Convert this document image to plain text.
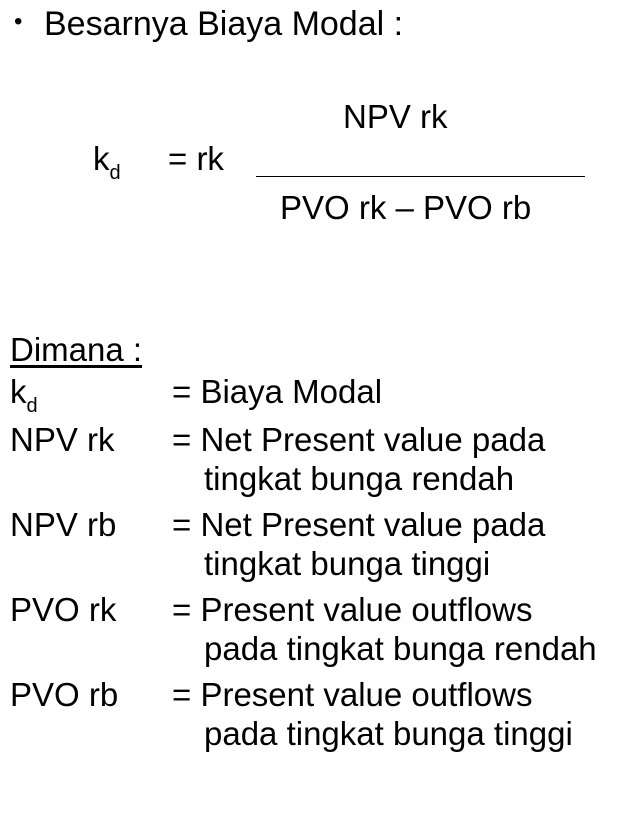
• Besarnya Biaya Modal :
$k_d$ = rk
NPV rk
PVO rk – PVO rb
Dimana :
$k_d$	= Biaya Modal
NPV rk = Net Present value pada
tingkat bunga rendah
NPV rb = Net Present value pada
tingkat bunga tinggi
PVO rk = Present value outflows
pada tingkat bunga rendah
PVO rb = Present value outflows
pada tingkat bunga tinggi
